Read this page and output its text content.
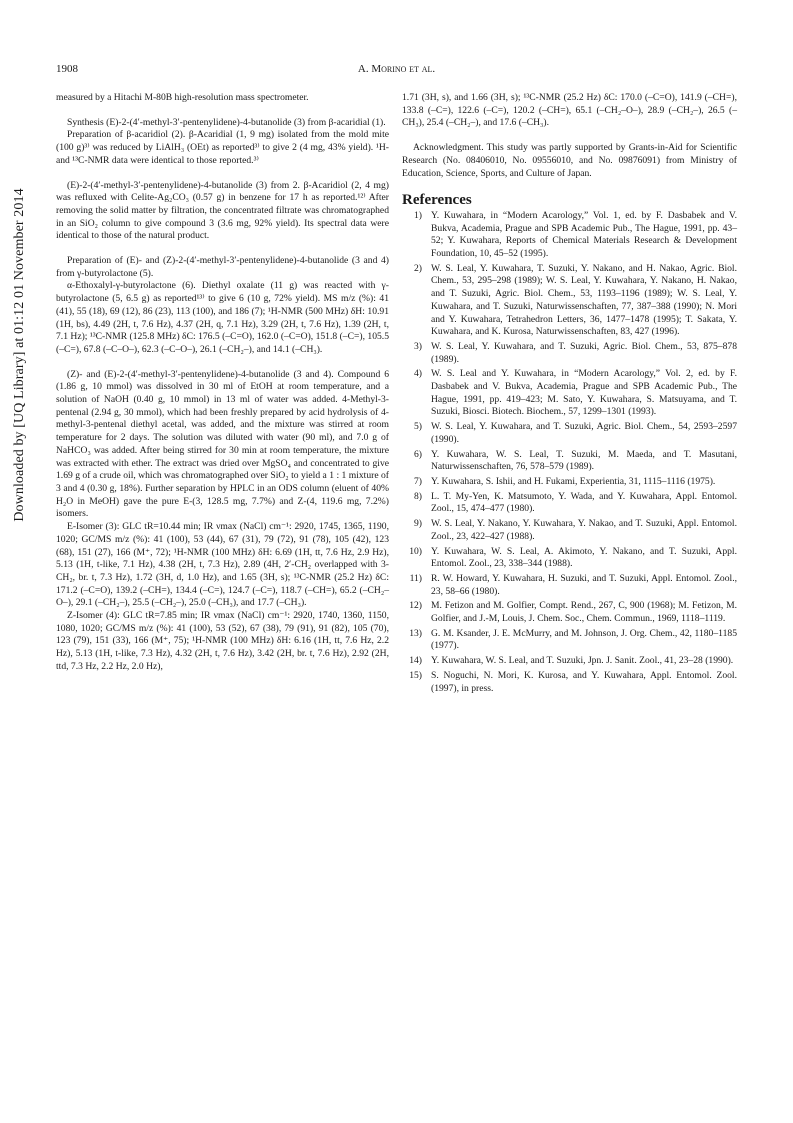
Downloaded by [UQ Library] at 01:12 01 November 2014
1908	A. Morino et al.

measured by a Hitachi M-80B high-resolution mass spectrometer.

Synthesis (E)-2-(4′-methyl-3′-pentenylidene)-4-butanolide (3) from β-acaridial (1).

Preparation of β-acaridiol (2). β-Acaridial (1, 9 mg) isolated from the mold mite (100 g)³⁾ was reduced by LiAlH₃ (OEt) as reported³⁾ to give 2 (4 mg, 43% yield). ¹H- and ¹³C-NMR data were identical to those reported.³⁾

(E)-2-(4′-methyl-3′-pentenylidene)-4-butanolide (3) from 2. β-Acaridiol (2, 4 mg) was refluxed with Celite-Ag₂CO₃ (0.57 g) in benzene for 17 h as reported.¹²⁾ After removing the solid matter by filtration, the concentrated filtrate was chromatographed in an SiO₂ column to give compound 3 (3.6 mg, 92% yield). Its spectral data were identical to those of the natural product.

Preparation of (E)- and (Z)-2-(4′-methyl-3′-pentenylidene)-4-butanolide (3 and 4) from γ-butyrolactone (5).

α-Ethoxalyl-γ-butyrolactone (6). Diethyl oxalate (11 g) was reacted with γ-butyrolactone (5, 6.5 g) as reported¹³⁾ to give 6 (10 g, 72% yield). MS m/z (%): 41 (41), 55 (18), 69 (12), 86 (23), 113 (100), and 186 (7); ¹H-NMR (500 MHz) δH: 10.91 (1H, bs), 4.49 (2H, t, 7.6 Hz), 4.37 (2H, q, 7.1 Hz), 3.29 (2H, t, 7.6 Hz), 1.39 (2H, t, 7.1 Hz); ¹³C-NMR (125.8 MHz) δC: 176.5 (–C=O), 162.0 (–C=O), 151.8 (–C=), 105.5 (–C=), 67.8 (–C–O–), 62.3 (–C–O–), 26.1 (–CH₂–), and 14.1 (–CH₃).

(Z)- and (E)-2-(4′-methyl-3′-pentenylidene)-4-butanolide (3 and 4). Compound 6 (1.86 g, 10 mmol) was dissolved in 30 ml of EtOH at room temperature, and a solution of NaOH (0.40 g, 10 mmol) in 13 ml of water was added. 4-Methyl-3-pentenal (2.94 g, 30 mmol), which had been freshly prepared by acid hydrolysis of 4-methyl-3-pentenal diethyl acetal, was added, and the mixture was stirred at room temperature for 2 days. The solution was diluted with water (90 ml), and 7.0 g of NaHCO₃ was added. After being stirred for 30 min at room temperature, the mixture was extracted with ether. The extract was dried over MgSO₄ and concentrated to give 1.69 g of a crude oil, which was chromatographed over SiO₂ to yield a 1 : 1 mixture of 3 and 4 (0.30 g, 18%). Further separation by HPLC in an ODS column (eluent of 40% H₂O in MeOH) gave the pure E-(3, 128.5 mg, 7.7%) and Z-(4, 119.6 mg, 7.2%) isomers.

E-Isomer (3): GLC tR=10.44 min; IR νmax (NaCl) cm⁻¹: 2920, 1745, 1365, 1190, 1020; GC/MS m/z (%): 41 (100), 53 (44), 67 (31), 79 (72), 91 (78), 105 (42), 123 (68), 151 (27), 166 (M⁺, 72); ¹H-NMR (100 MHz) δH: 6.69 (1H, tt, 7.6 Hz, 2.9 Hz), 5.13 (1H, t-like, 7.1 Hz), 4.38 (2H, t, 7.3 Hz), 2.89 (4H, 2′-CH₂ overlapped with 3-CH₂, br. t, 7.3 Hz), 1.72 (3H, d, 1.0 Hz), and 1.65 (3H, s); ¹³C-NMR (25.2 Hz) δC: 171.2 (–C=O), 139.2 (–CH=), 134.4 (–C=), 124.7 (–C=), 118.7 (–CH=), 65.2 (–CH₂–O–), 29.1 (–CH₂–), 25.5 (–CH₂–), 25.0 (–CH₃), and 17.7 (–CH₃).

Z-Isomer (4): GLC tR=7.85 min; IR νmax (NaCl) cm⁻¹: 2920, 1740, 1360, 1150, 1080, 1020; GC/MS m/z (%): 41 (100), 53 (52), 67 (38), 79 (91), 91 (82), 105 (70), 123 (79), 151 (33), 166 (M⁺, 75); ¹H-NMR (100 MHz) δH: 6.16 (1H, tt, 7.6 Hz, 2.2 Hz), 5.13 (1H, t-like, 7.3 Hz), 4.32 (2H, t, 7.6 Hz), 3.42 (2H, br. t, 7.6 Hz), 2.92 (2H, ttd, 7.3 Hz, 2.2 Hz, 2.0 Hz),

1.71 (3H, s), and 1.66 (3H, s); ¹³C-NMR (25.2 Hz) δC: 170.0 (–C=O), 141.9 (–CH=), 133.8 (–C=), 122.6 (–C=), 120.2 (–CH=), 65.1 (–CH₂–O–), 28.9 (–CH₂–), 26.5 (–CH₃), 25.4 (–CH₂–), and 17.6 (–CH₃).

Acknowledgment. This study was partly supported by Grants-in-Aid for Scientific Research (No. 08406010, No. 09556010, and No. 09876091) from Ministry of Education, Science, Sports, and Culture of Japan.

References
1) Y. Kuwahara, in “Modern Acarology,” Vol. 1, ed. by F. Dasbabek and V. Bukva, Academia, Prague and SPB Academic Pub., The Hague, 1991, pp. 43–52; Y. Kuwahara, Reports of Chemical Materials Research & Development Foundation, 10, 45–52 (1995).
2) W. S. Leal, Y. Kuwahara, T. Suzuki, Y. Nakano, and H. Nakao, Agric. Biol. Chem., 53, 295–298 (1989); W. S. Leal, Y. Kuwahara, Y. Nakano, H. Nakao, and T. Suzuki, Agric. Biol. Chem., 53, 1193–1196 (1989); W. S. Leal, Y. Kuwahara, and T. Suzuki, Naturwissenschaften, 77, 387–388 (1990); N. Mori and Y. Kuwahara, Tetrahedron Letters, 36, 1477–1478 (1995); T. Sakata, Y. Kuwahara, and K. Kurosa, Naturwissenschaften, 83, 427 (1996).
3) W. S. Leal, Y. Kuwahara, and T. Suzuki, Agric. Biol. Chem., 53, 875–878 (1989).
4) W. S. Leal and Y. Kuwahara, in “Modern Acarology,” Vol. 2, ed. by F. Dasbabek and V. Bukva, Academia, Prague and SPB Academic Pub., The Hague, 1991, pp. 419–423; M. Sato, Y. Kuwahara, S. Matsuyama, and T. Suzuki, Biosci. Biotech. Biochem., 57, 1299–1301 (1993).
5) W. S. Leal, Y. Kuwahara, and T. Suzuki, Agric. Biol. Chem., 54, 2593–2597 (1990).
6) Y. Kuwahara, W. S. Leal, T. Suzuki, M. Maeda, and T. Masutani, Naturwissenschaften, 76, 578–579 (1989).
7) Y. Kuwahara, S. Ishii, and H. Fukami, Experientia, 31, 1115–1116 (1975).
8) L. T. My-Yen, K. Matsumoto, Y. Wada, and Y. Kuwahara, Appl. Entomol. Zool., 15, 474–477 (1980).
9) W. S. Leal, Y. Nakano, Y. Kuwahara, Y. Nakao, and T. Suzuki, Appl. Entomol. Zool., 23, 422–427 (1988).
10) Y. Kuwahara, W. S. Leal, A. Akimoto, Y. Nakano, and T. Suzuki, Appl. Entomol. Zool., 23, 338–344 (1988).
11) R. W. Howard, Y. Kuwahara, H. Suzuki, and T. Suzuki, Appl. Entomol. Zool., 23, 58–66 (1980).
12) M. Fetizon and M. Golfier, Compt. Rend., 267, C, 900 (1968); M. Fetizon, M. Golfier, and J.-M, Louis, J. Chem. Soc., Chem. Commun., 1969, 1118–1119.
13) G. M. Ksander, J. E. McMurry, and M. Johnson, J. Org. Chem., 42, 1180–1185 (1977).
14) Y. Kuwahara, W. S. Leal, and T. Suzuki, Jpn. J. Sanit. Zool., 41, 23–28 (1990).
15) S. Noguchi, N. Mori, K. Kurosa, and Y. Kuwahara, Appl. Entomol. Zool. (1997), in press.
